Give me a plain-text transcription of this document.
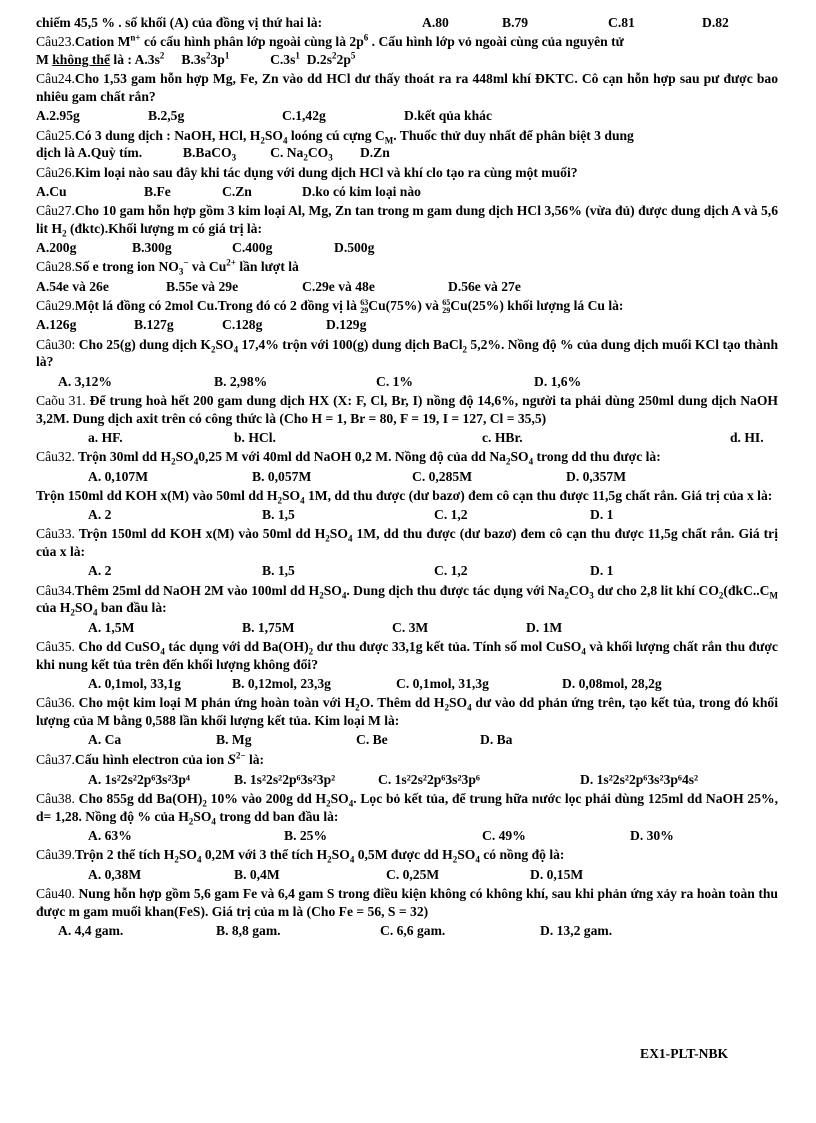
chiếm 45,5 % . số khối (A) của đồng vị thứ hai là:	A.80	B.79	C.81	D.82
Câu23.Cation $M^{n+}$ có cấu hình phân lớp ngoài cùng là $2p^6$ . Cấu hình lớp vỏ ngoài cùng của nguyên tử
M không thể là : $A.3s^2$ $B.3s^23p^1$	$C.3s^1$ $D.2s^22p^5$
Câu24.Cho 1,53 gam hỗn hợp Mg, Fe, Zn vào dd HCl dư thấy thoát ra ra 448ml khí ĐKTC. Cô cạn hỗn hợp sau pư được bao nhiêu gam chất rắn?
A.2.95g	B.2,5g	C.1,42g	D.kết qủa khác
Câu25.Có 3 dung dịch : NaOH, HCl, $H_2SO_4$ loóng cú cựng $C_M$. Thuốc thử duy nhất để phân biệt 3 dung
dịch là A.Quỳ tím.	B.BaCO$_3$ C. $Na_2CO_3$ D.Zn
Câu26.Kim loại nào sau đây khi tác dụng với dung dịch HCl và khí clo tạo ra cùng một muối?
A.Cu	B.Fe	C.Zn	D.ko có kim loại nào
Câu27.Cho 10 gam hỗn hợp gồm 3 kim loại Al, Mg, Zn tan trong m gam dung dịch HCl 3,56% (vừa đủ) được dung dịch A và 5,6 lit $H_2$ (đktc).Khối lượng m có giá trị là:
A.200g	B.300g	C.400g	D.500g
Câu28.Số e trong ion $NO_3^-$ và $Cu^{2+}$ lần lượt là
A.54e và 26e	B.55e và 29e	C.29e và 48e	D.56e và 27e
Câu29.Một lá đồng có 2mol Cu.Trong đó có 2 đồng vị là 63
29Cu(75%) và 65
29Cu(25%) khối lượng lá Cu là:
A.126g	B.127g	C.128g	D.129g
Câu30: Cho 25(g) dung dịch $K_2SO_4$ 17,4% trộn với 100(g) dung dịch BaCl$_2$ 5,2%. Nồng độ % của dung dịch muối KCl tạo thành là?
A. 3,12%	B. 2,98%	C. 1%	D. 1,6%
Caõu 31. Để trung hoà hết 200 gam dung dịch HX (X: F, Cl, Br, I) nồng độ 14,6%, người ta phải dùng 250ml dung dịch NaOH 3,2M. Dung dịch axit trên có công thức là (Cho H = 1, Br = 80, F = 19, I = 127, Cl = 35,5)
a. HF.	b. HCl.	c. HBr.	d. HI.
Câu32. Trộn 30ml dd $H_2SO_40,25$ M với 40ml dd NaOH 0,2 M. Nồng độ của dd $Na_2SO_4$ trong dd thu được là:
A. 0,107M	B. 0,057M	C. 0,285M	D. 0,357M
Trộn 150ml dd KOH x(M) vào 50ml dd $H_2SO_4$ 1M, dd thu được (dư bazơ) đem cô cạn thu được 11,5g chất rắn. Giá trị của x là:
A. 2	B. 1,5	C. 1,2	D. 1
Câu33. Trộn 150ml dd KOH x(M) vào 50ml dd $H_2SO_4$ 1M, dd thu được (dư bazơ) đem cô cạn thu được 11,5g chất rắn. Giá trị của x là:
A. 2	B. 1,5	C. 1,2	D. 1
Câu34.Thêm 25ml dd NaOH 2M vào 100ml dd $H_2SO_4$. Dung dịch thu được tác dụng với $Na_2CO_3$ dư cho 2,8 lit khí $CO_2(đkC..C_M$ của $H_2SO_4$ ban đầu là:
A. 1,5M	B. 1,75M	C. 3M	D. 1M
Câu35. Cho dd CuSO$_4$ tác dụng với dd $Ba(OH)_2$ dư thu được 33,1g kết tủa. Tính số mol CuSO$_4$ và khối lượng chất rắn thu được khi nung kết tủa trên đến khối lượng không đổi?
A. 0,1mol, 33,1g	B. 0,12mol, 23,3g	C. 0,1mol, 31,3g	D. 0,08mol, 28,2g
Câu36. Cho một kim loại M phản ứng hoàn toàn với $H_2O$. Thêm dd $H_2SO_4$ dư vào dd phản ứng trên, tạo kết tủa, trong đó khối lượng của M bằng 0,588 lần khối lượng kết tủa. Kim loại M là:
A. Ca	B. Mg	C. Be	D. Ba
Câu37.Cấu hình electron của ion $S^{2-}$ là:
A. 1s²2s²2p⁶3s²3p⁴	B. 1s²2s²2p⁶3s²3p²	C. 1s²2s²2p⁶3s²3p⁶	D. 1s²2s²2p⁶3s²3p⁶4s²
Câu38. Cho 855g dd $Ba(OH)_2$ 10% vào 200g dd $H_2SO_4$. Lọc bỏ kết tủa, để trung hữa nước lọc phải dùng 125ml dd NaOH 25%, d= 1,28. Nồng độ % của $H_2SO_4$ trong dd ban đầu là:
A. 63%	B. 25%	C. 49%	D. 30%
Câu39.Trộn 2 thể tích $H_2SO_4$ 0,2M với 3 thể tích $H_2SO_4$ 0,5M được dd $H_2SO_4$ có nồng độ là:
A. 0,38M	B. 0,4M	C. 0,25M	D. 0,15M
Câu40. Nung hỗn hợp gồm 5,6 gam Fe và 6,4 gam S trong điều kiện không có không khí, sau khi phản ứng xảy ra hoàn toàn thu được m gam muối khan(FeS). Giá trị của m là (Cho Fe = 56, S = 32)
A. 4,4 gam.	B. 8,8 gam.	C. 6,6 gam.	D. 13,2 gam.
EX1-PLT-NBK
